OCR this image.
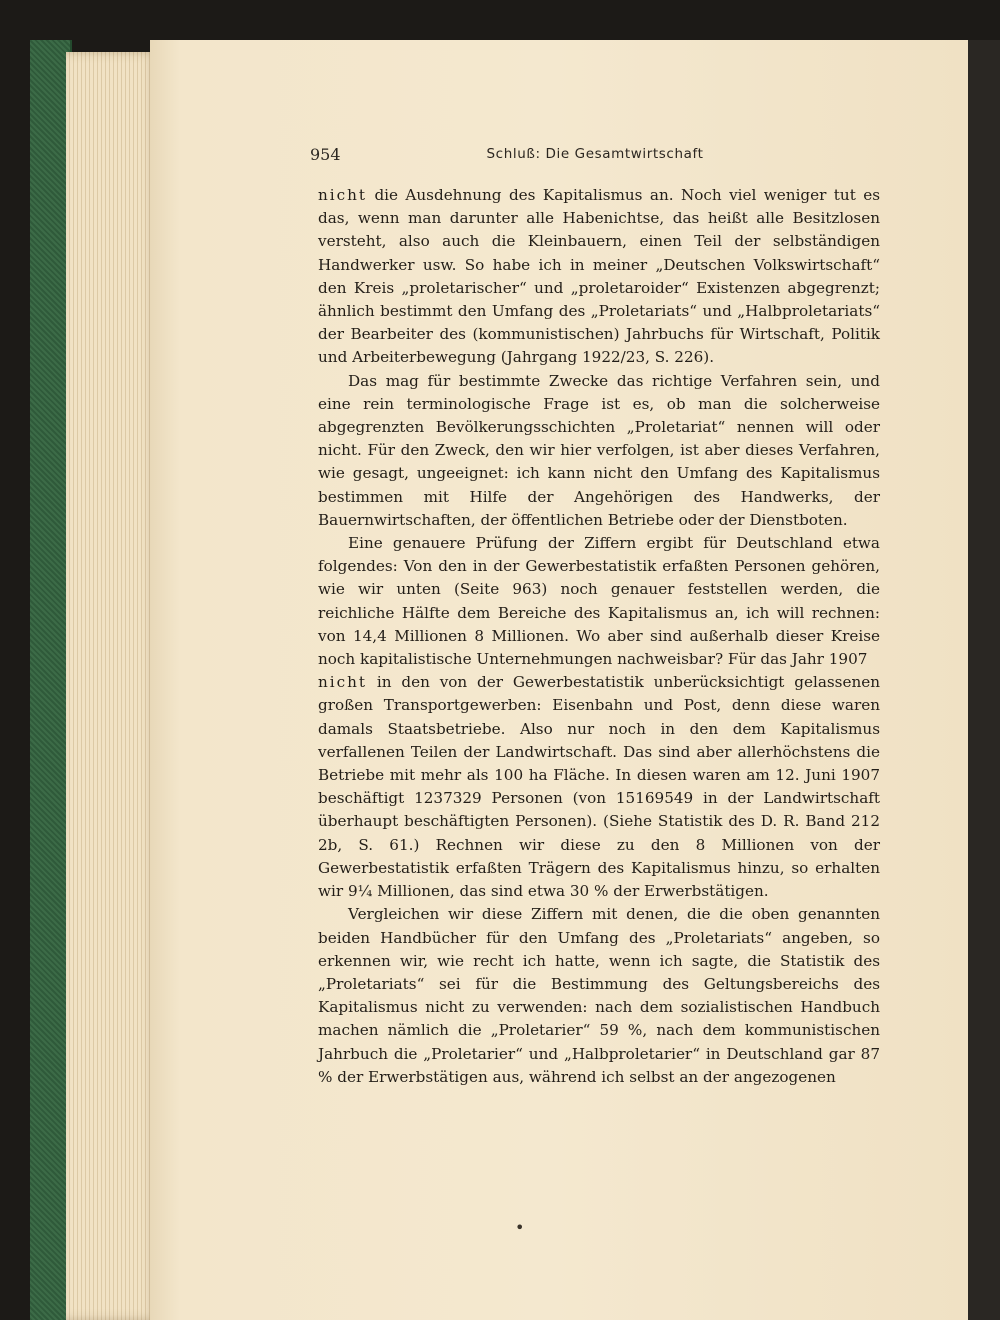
954	Schluß: Die Gesamtwirtschaft

nicht die Ausdehnung des Kapitalismus an. Noch viel weniger tut es das, wenn man darunter alle Habenichtse, das heißt alle Besitzlosen versteht, also auch die Kleinbauern, einen Teil der selbständigen Handwerker usw. So habe ich in meiner „Deutschen Volkswirtschaft“ den Kreis „proletarischer“ und „proletaroider“ Existenzen abgegrenzt; ähnlich bestimmt den Umfang des „Proletariats“ und „Halbproletariats“ der Bearbeiter des (kommunistischen) Jahrbuchs für Wirtschaft, Politik und Arbeiterbewegung (Jahrgang 1922/23, S. 226).

Das mag für bestimmte Zwecke das richtige Verfahren sein, und eine rein terminologische Frage ist es, ob man die solcherweise abgegrenzten Bevölkerungsschichten „Proletariat“ nennen will oder nicht. Für den Zweck, den wir hier verfolgen, ist aber dieses Verfahren, wie gesagt, ungeeignet: ich kann nicht den Umfang des Kapitalismus bestimmen mit Hilfe der Angehörigen des Handwerks, der Bauernwirtschaften, der öffentlichen Betriebe oder der Dienstboten.

Eine genauere Prüfung der Ziffern ergibt für Deutschland etwa folgendes: Von den in der Gewerbestatistik erfaßten Personen gehören, wie wir unten (Seite 963) noch genauer feststellen werden, die reichliche Hälfte dem Bereiche des Kapitalismus an, ich will rechnen: von 14,4 Millionen 8 Millionen. Wo aber sind außerhalb dieser Kreise noch kapitalistische Unternehmungen nachweisbar? Für das Jahr 1907
nicht in den von der Gewerbestatistik unberücksichtigt gelassenen großen Transportgewerben: Eisenbahn und Post, denn diese waren damals Staatsbetriebe. Also nur noch in den dem Kapitalismus verfallenen Teilen der Landwirtschaft. Das sind aber allerhöchstens die Betriebe mit mehr als 100 ha Fläche. In diesen waren am 12. Juni 1907 beschäftigt 1237329 Personen (von 15169549 in der Landwirtschaft überhaupt beschäftigten Personen). (Siehe Statistik des D. R. Band 212 2b, S. 61.) Rechnen wir diese zu den 8 Millionen von der Gewerbestatistik erfaßten Trägern des Kapitalismus hinzu, so erhalten wir 9¼ Millionen, das sind etwa 30 % der Erwerbstätigen.

Vergleichen wir diese Ziffern mit denen, die die oben genannten beiden Handbücher für den Umfang des „Proletariats“ angeben, so erkennen wir, wie recht ich hatte, wenn ich sagte, die Statistik des „Proletariats“ sei für die Bestimmung des Geltungsbereichs des Kapitalismus nicht zu verwenden: nach dem sozialistischen Handbuch machen nämlich die „Proletarier“ 59 %, nach dem kommunistischen Jahrbuch die „Proletarier“ und „Halbproletarier“ in Deutschland gar 87 % der Erwerbstätigen aus, während ich selbst an der angezogenen

•
